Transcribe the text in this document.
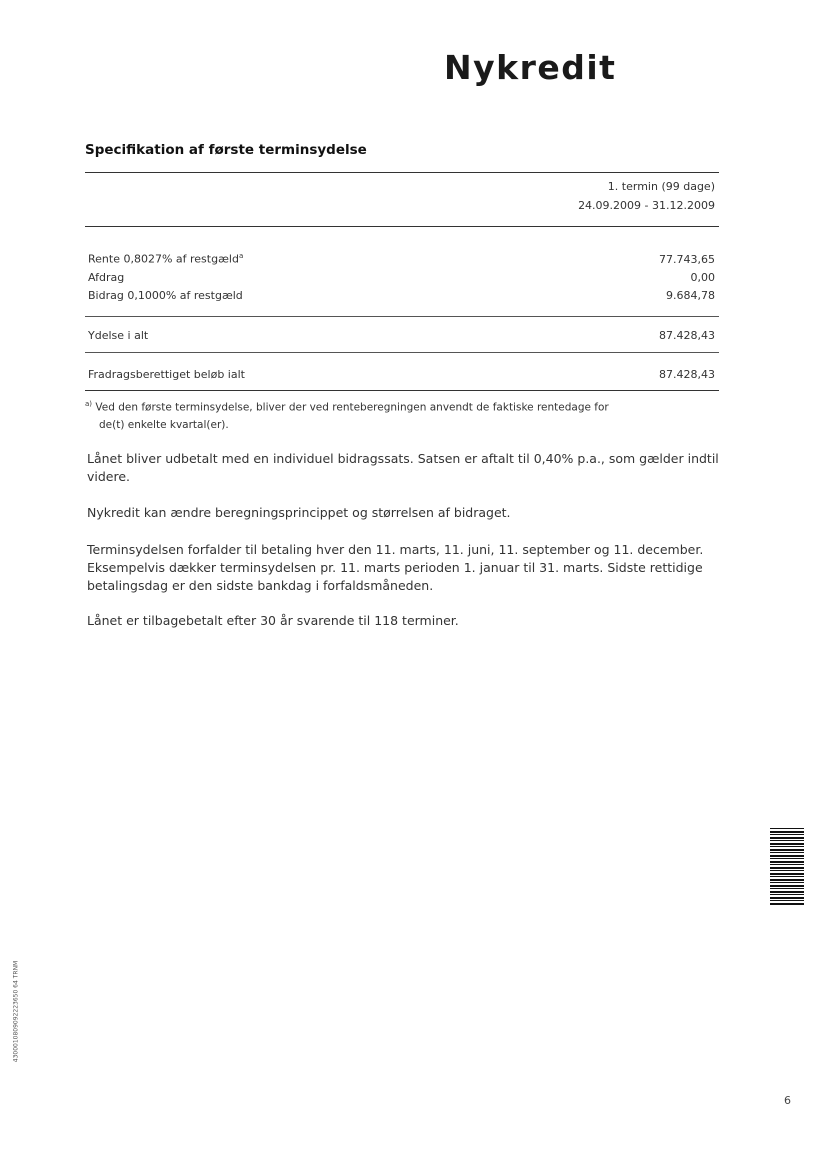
Nykredit
Specifikation af første terminsydelse
1. termin (99 dage)
24.09.2009 - 31.12.2009
Rente 0,8027% af restgæld$^a$	77.743,65
Afdrag	0,00
Bidrag 0,1000% af restgæld	9.684,78
Ydelse i alt	87.428,43
Fradragsberettiget beløb ialt	87.428,43
$^{a)}$ Ved den første terminsydelse, bliver der ved renteberegningen anvendt de faktiske rentedage for
de(t) enkelte kvartal(er).
Lånet bliver udbetalt med en individuel bidragssats. Satsen er aftalt til 0,40% p.a., som gælder indtil videre.
Nykredit kan ændre beregningsprincippet og størrelsen af bidraget.
Terminsydelsen forfalder til betaling hver den 11. marts, 11. juni, 11. september og 11. december. Eksempelvis dækker terminsydelsen pr. 11. marts perioden 1. januar til 31. marts. Sidste rettidige betalingsdag er den sidste bankdag i forfaldsmåneden.
Lånet er tilbagebetalt efter 30 år svarende til 118 terminer.
4300010809092223650 64 TRNM
6
